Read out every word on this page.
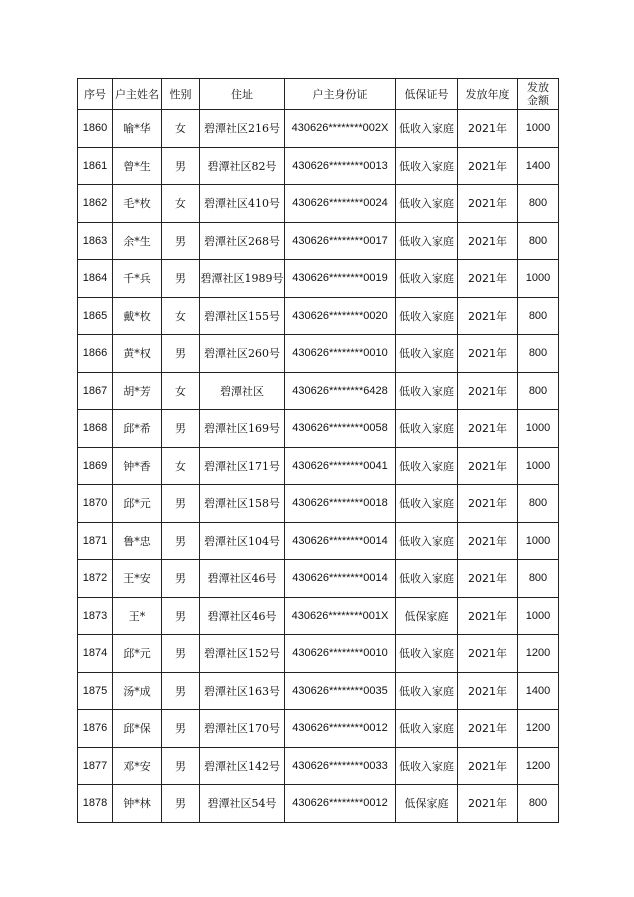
序号	户主姓名	性别	住址	户主身份证	低保证号	发放年度	发放
金额

1860	喻*华	女	碧潭社区216号	430626********002X	低收入家庭	2021年	1000
1861	曾*生	男	碧潭社区82号	430626********0013	低收入家庭	2021年	1400
1862	毛*枚	女	碧潭社区410号	430626********0024	低收入家庭	2021年	800
1863	余*生	男	碧潭社区268号	430626********0017	低收入家庭	2021年	800
1864	千*兵	男	碧潭社区1989号	430626********0019	低收入家庭	2021年	1000
1865	戴*枚	女	碧潭社区155号	430626********0020	低收入家庭	2021年	800
1866	黄*权	男	碧潭社区260号	430626********0010	低收入家庭	2021年	800
1867	胡*芳	女	碧潭社区	430626********6428	低收入家庭	2021年	800
1868	邱*希	男	碧潭社区169号	430626********0058	低收入家庭	2021年	1000
1869	钟*香	女	碧潭社区171号	430626********0041	低收入家庭	2021年	1000
1870	邱*元	男	碧潭社区158号	430626********0018	低收入家庭	2021年	800
1871	鲁*忠	男	碧潭社区104号	430626********0014	低收入家庭	2021年	1000
1872	王*安	男	碧潭社区46号	430626********0014	低收入家庭	2021年	800
1873	王*	男	碧潭社区46号	430626********001X	低保家庭	2021年	1000
1874	邱*元	男	碧潭社区152号	430626********0010	低收入家庭	2021年	1200
1875	汤*成	男	碧潭社区163号	430626********0035	低收入家庭	2021年	1400
1876	邱*保	男	碧潭社区170号	430626********0012	低收入家庭	2021年	1200
1877	邓*安	男	碧潭社区142号	430626********0033	低收入家庭	2021年	1200
1878	钟*林	男	碧潭社区54号	430626********0012	低保家庭	2021年	800
